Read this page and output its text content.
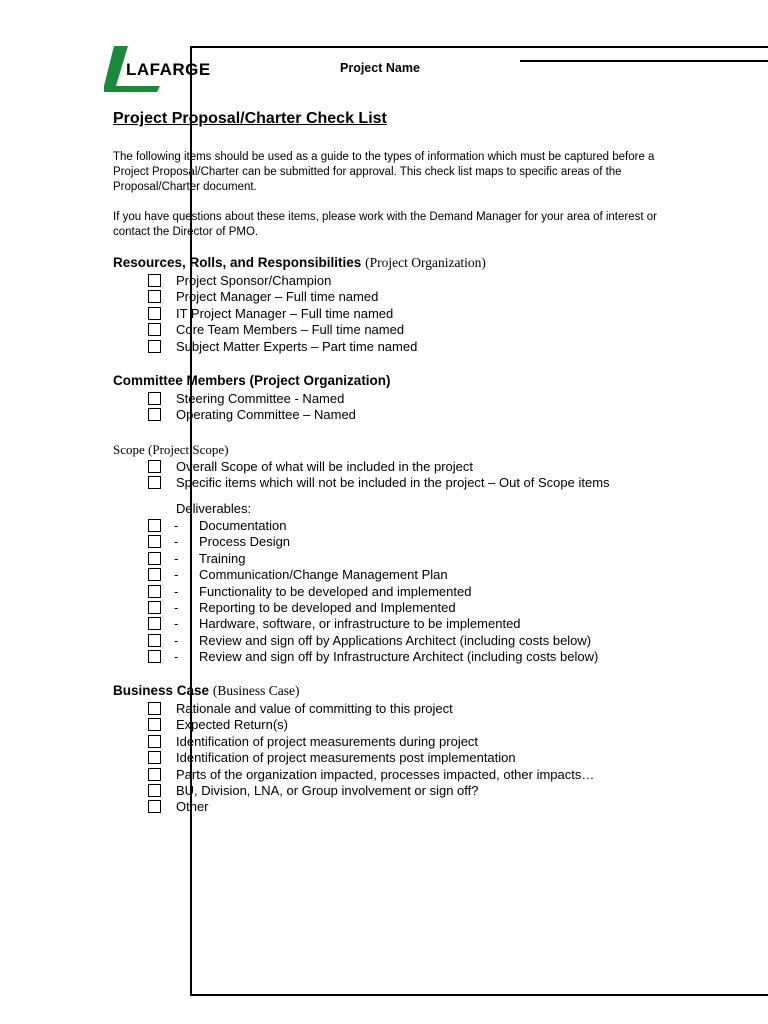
LAFARGE	Project Name
Project Proposal/Charter Check List
The following items should be used as a guide to the types of information which must be captured before a Project Proposal/Charter can be submitted for approval. This check list maps to specific areas of the Proposal/Charter document.
If you have questions about these items, please work with the Demand Manager for your area of interest or contact the Director of PMO.
Resources, Rolls, and Responsibilities (Project Organization)
Project Sponsor/Champion
Project Manager – Full time named
IT Project Manager – Full time named
Core Team Members – Full time named
Subject Matter Experts – Part time named
Committee Members (Project Organization)
Steering Committee - Named
Operating Committee – Named
Scope (Project Scope)
Overall Scope of what will be included in the project
Specific items which will not be included in the project – Out of Scope items
Deliverables:
- Documentation
- Process Design
- Training
- Communication/Change Management Plan
- Functionality to be developed and implemented
- Reporting to be developed and Implemented
- Hardware, software, or infrastructure to be implemented
- Review and sign off by Applications Architect (including costs below)
- Review and sign off by Infrastructure Architect (including costs below)
Business Case (Business Case)
Rationale and value of committing to this project
Expected Return(s)
Identification of project measurements during project
Identification of project measurements post implementation
Parts of the organization impacted, processes impacted, other impacts…
BU, Division, LNA, or Group involvement or sign off?
Other
